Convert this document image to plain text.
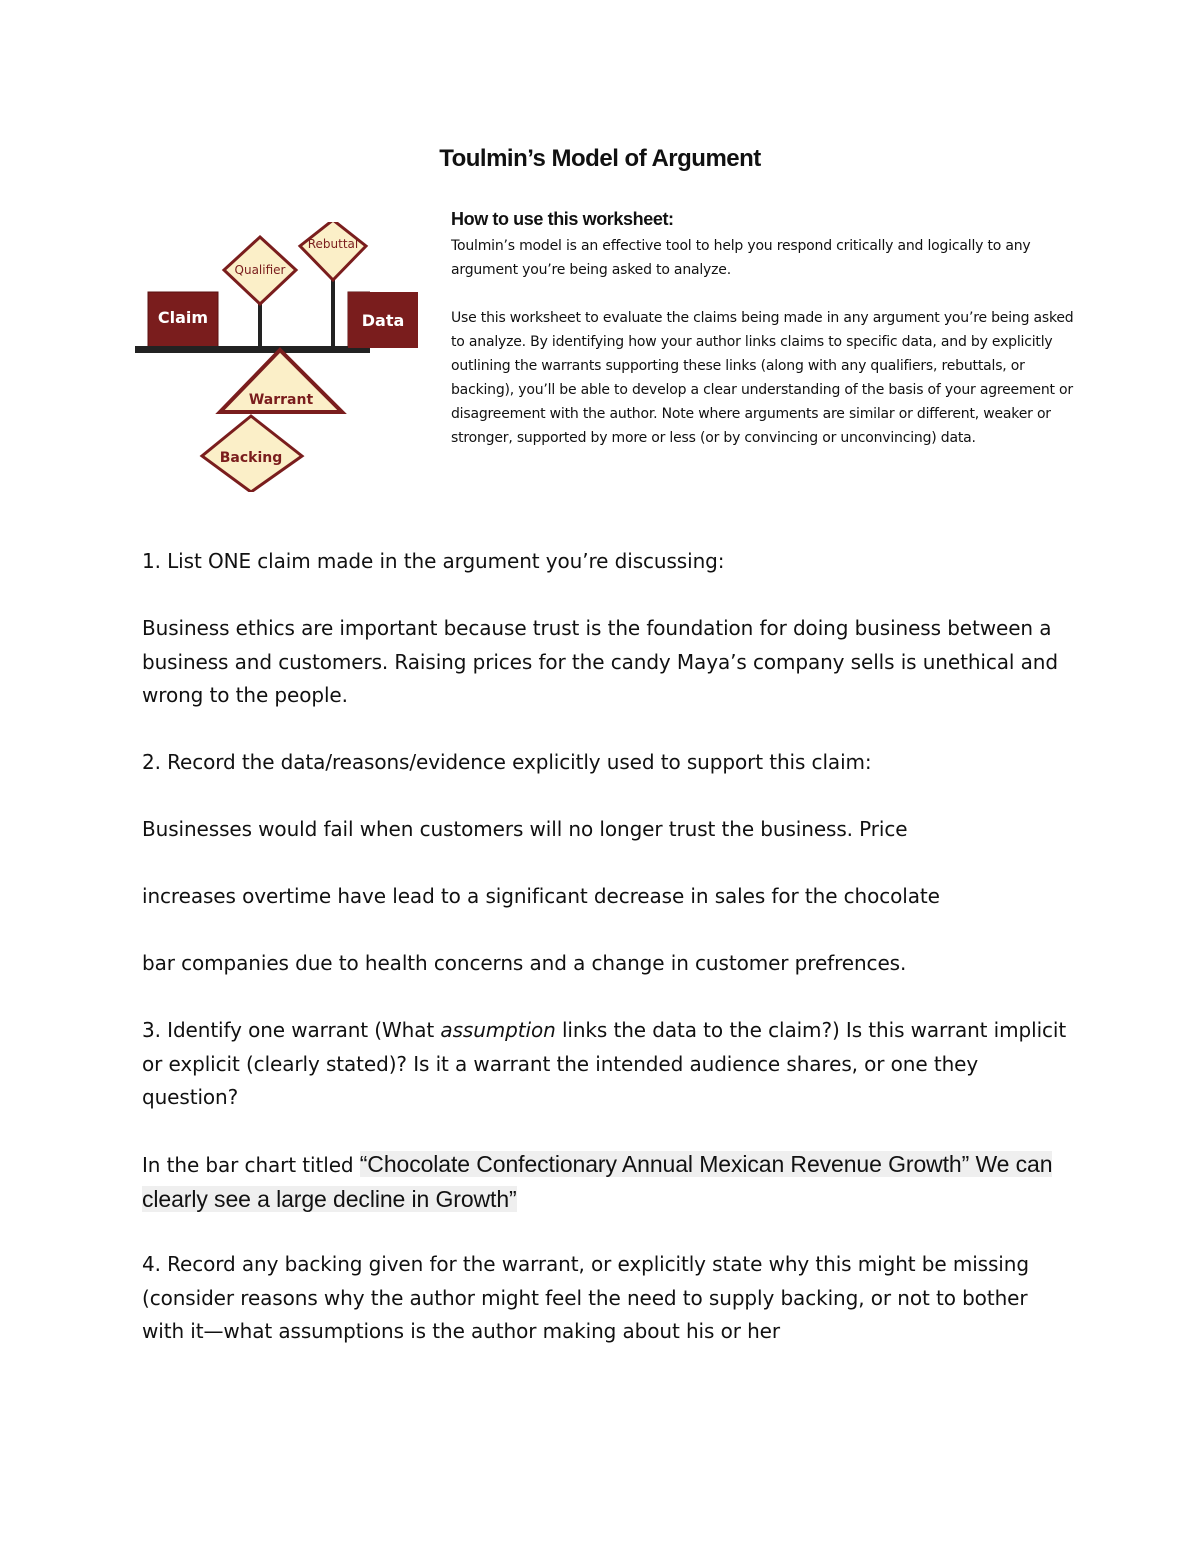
Toulmin’s Model of Argument
Qualifier
Rebuttal
Claim
Warrant
Backing
Data
How to use this worksheet:

Toulmin’s model is an effective tool to help you respond critically and logically to any argument you’re being asked to analyze.

Use this worksheet to evaluate the claims being made in any argument you’re being asked to analyze. By identifying how your author links claims to specific data, and by explicitly outlining the warrants supporting these links (along with any qualifiers, rebuttals, or backing), you’ll be able to develop a clear understanding of the basis of your agreement or disagreement with the author. Note where arguments are similar or different, weaker or stronger, supported by more or less (or by convincing or unconvincing) data.

1. List ONE claim made in the argument you’re discussing:

Business ethics are important because trust is the foundation for doing business between a business and customers. Raising prices for the candy Maya’s company sells is unethical and wrong to the people.

2. Record the data/reasons/evidence explicitly used to support this claim:

Businesses would fail when customers will no longer trust the business. Price

increases overtime have lead to a significant decrease in sales for the chocolate

bar companies due to health concerns and a change in customer prefrences.

3. Identify one warrant (What assumption links the data to the claim?) Is this warrant implicit or explicit (clearly stated)? Is it a warrant the intended audience shares, or one they question?

In the bar chart titled “Chocolate Confectionary Annual Mexican Revenue Growth” We can clearly see a large decline in Growth”

4. Record any backing given for the warrant, or explicitly state why this might be missing (consider reasons why the author might feel the need to supply backing, or not to bother with it—what assumptions is the author making about his or her
